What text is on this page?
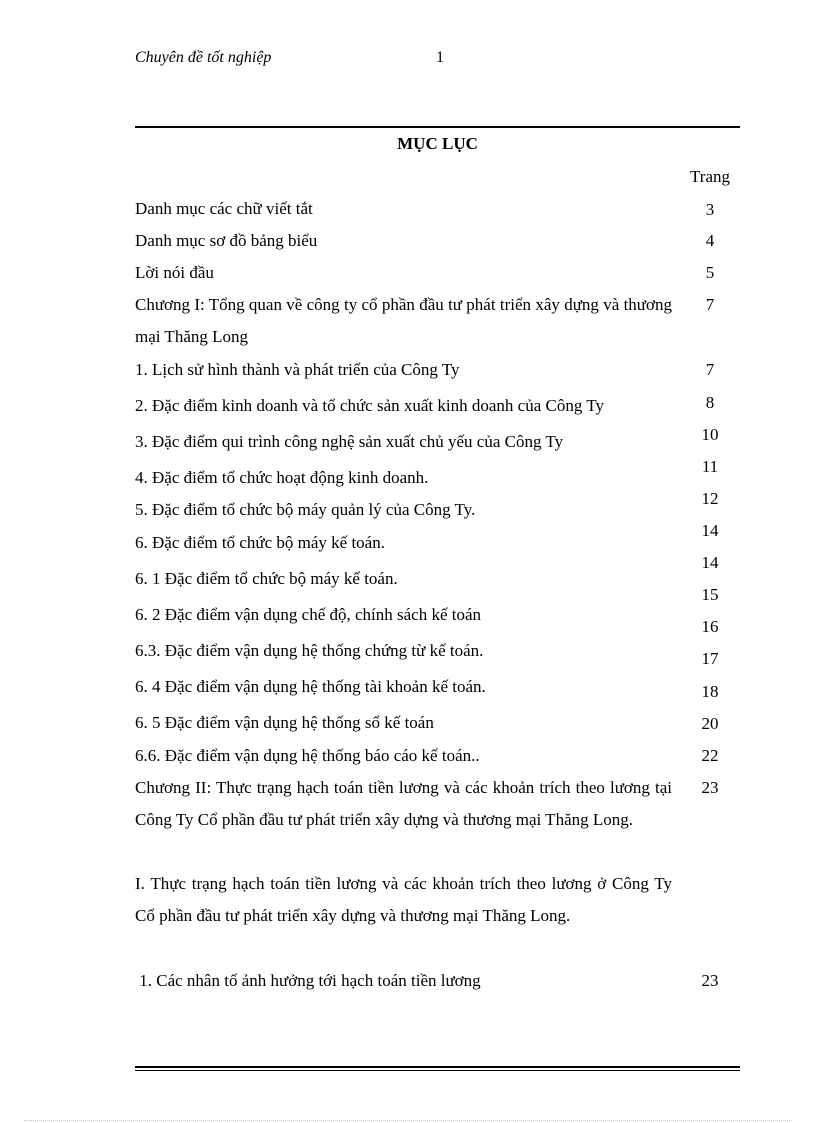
Chuyên đề tốt nghiệp	1
MỤC LỤC
Trang
Danh mục các chữ viết tắt
Danh mục sơ đồ bảng biểu
Lời nói đầu
Chương I: Tổng quan về công ty cổ phần đầu tư phát triển xây dựng và thương mại Thăng Long
1. Lịch sử hình thành và phát triển của Công Ty
2. Đặc điểm kinh doanh và tổ chức sản xuất kinh doanh của Công Ty
3. Đặc điểm qui trình công nghệ sản xuất chủ yếu của Công Ty
4. Đặc điểm tổ chức hoạt động kinh doanh.
5. Đặc điểm tổ chức bộ máy quản lý của Công Ty.
6. Đặc điểm tổ chức bộ máy kế toán.
6. 1 Đặc điểm tổ chức bộ máy kế toán.
6. 2 Đặc điểm vận dụng chế độ, chính sách kế toán
6.3. Đặc điểm vận dụng hệ thống chứng từ kế toán.
6. 4 Đặc điểm vận dụng hệ thống tài khoản kế toán.
6. 5 Đặc điểm vận dụng hệ thống sổ kế toán
6.6. Đặc điểm vận dụng hệ thống báo cáo kế toán..
Chương II: Thực trạng hạch toán tiền lương và các khoản trích theo lương tại Công Ty Cổ phần đầu tư phát triển xây dựng và thương mại Thăng Long.
I. Thực trạng hạch toán tiền lương và các khoản trích theo lương ở Công Ty Cổ phần đầu tư phát triển xây dựng và thương mại Thăng Long.
1. Các nhân tố ảnh hưởng tới hạch toán tiền lương
3
4
5
7
7
8
10
11
12
14
14
15
16
17
18
20
22
23
23
